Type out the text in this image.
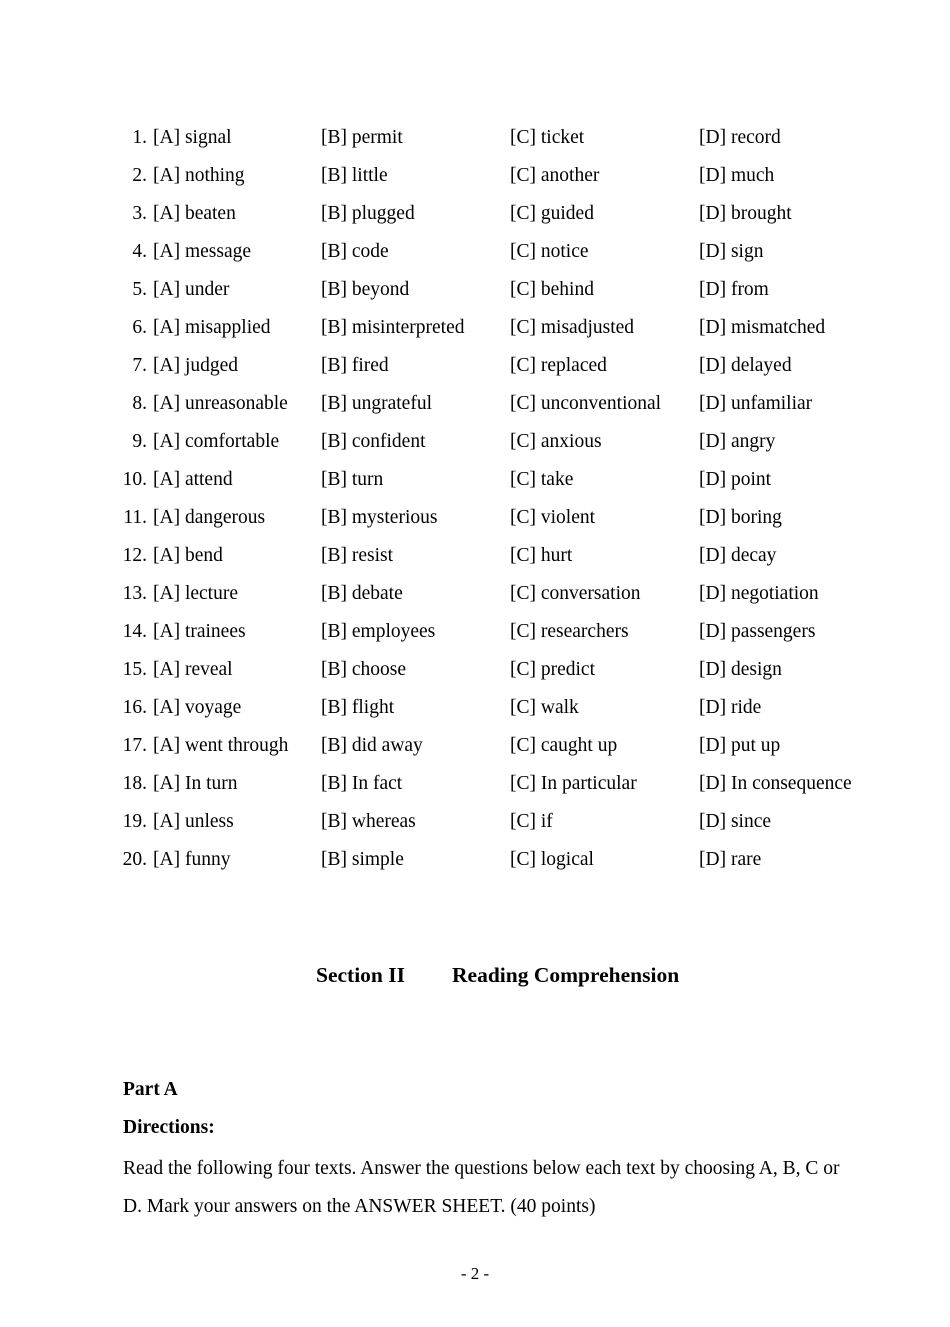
1. [A] signal	[B] permit	[C] ticket	[D] record
2. [A] nothing	[B] little	[C] another	[D] much
3. [A] beaten	[B] plugged	[C] guided	[D] brought
4. [A] message	[B] code	[C] notice	[D] sign
5. [A] under	[B] beyond	[C] behind	[D] from
6. [A] misapplied	[B] misinterpreted [C] misadjusted	[D] mismatched
7. [A] judged	[B] fired	[C] replaced	[D] delayed
8. [A] unreasonable [B] ungrateful	[C] unconventional [D] unfamiliar
9. [A] comfortable [B] confident	[C] anxious	[D] angry
10. [A] attend	[B] turn	[C] take	[D] point
11. [A] dangerous	[B] mysterious	[C] violent	[D] boring
12. [A] bend	[B] resist	[C] hurt	[D] decay
13. [A] lecture	[B] debate	[C] conversation	[D] negotiation
14. [A] trainees	[B] employees	[C] researchers	[D] passengers
15. [A] reveal	[B] choose	[C] predict	[D] design
16. [A] voyage	[B] flight	[C] walk	[D] ride
17. [A] went through [B] did away	[C] caught up	[D] put up
18. [A] In turn	[B] In fact	[C] In particular	[D] In consequence
19. [A] unless	[B] whereas	[C] if	[D] since
20. [A] funny	[B] simple	[C] logical	[D] rare
Section II Reading Comprehension
Part A
Directions:
Read the following four texts. Answer the questions below each text by choosing A, B, C or D. Mark your answers on the ANSWER SHEET. (40 points)
- 2 -
